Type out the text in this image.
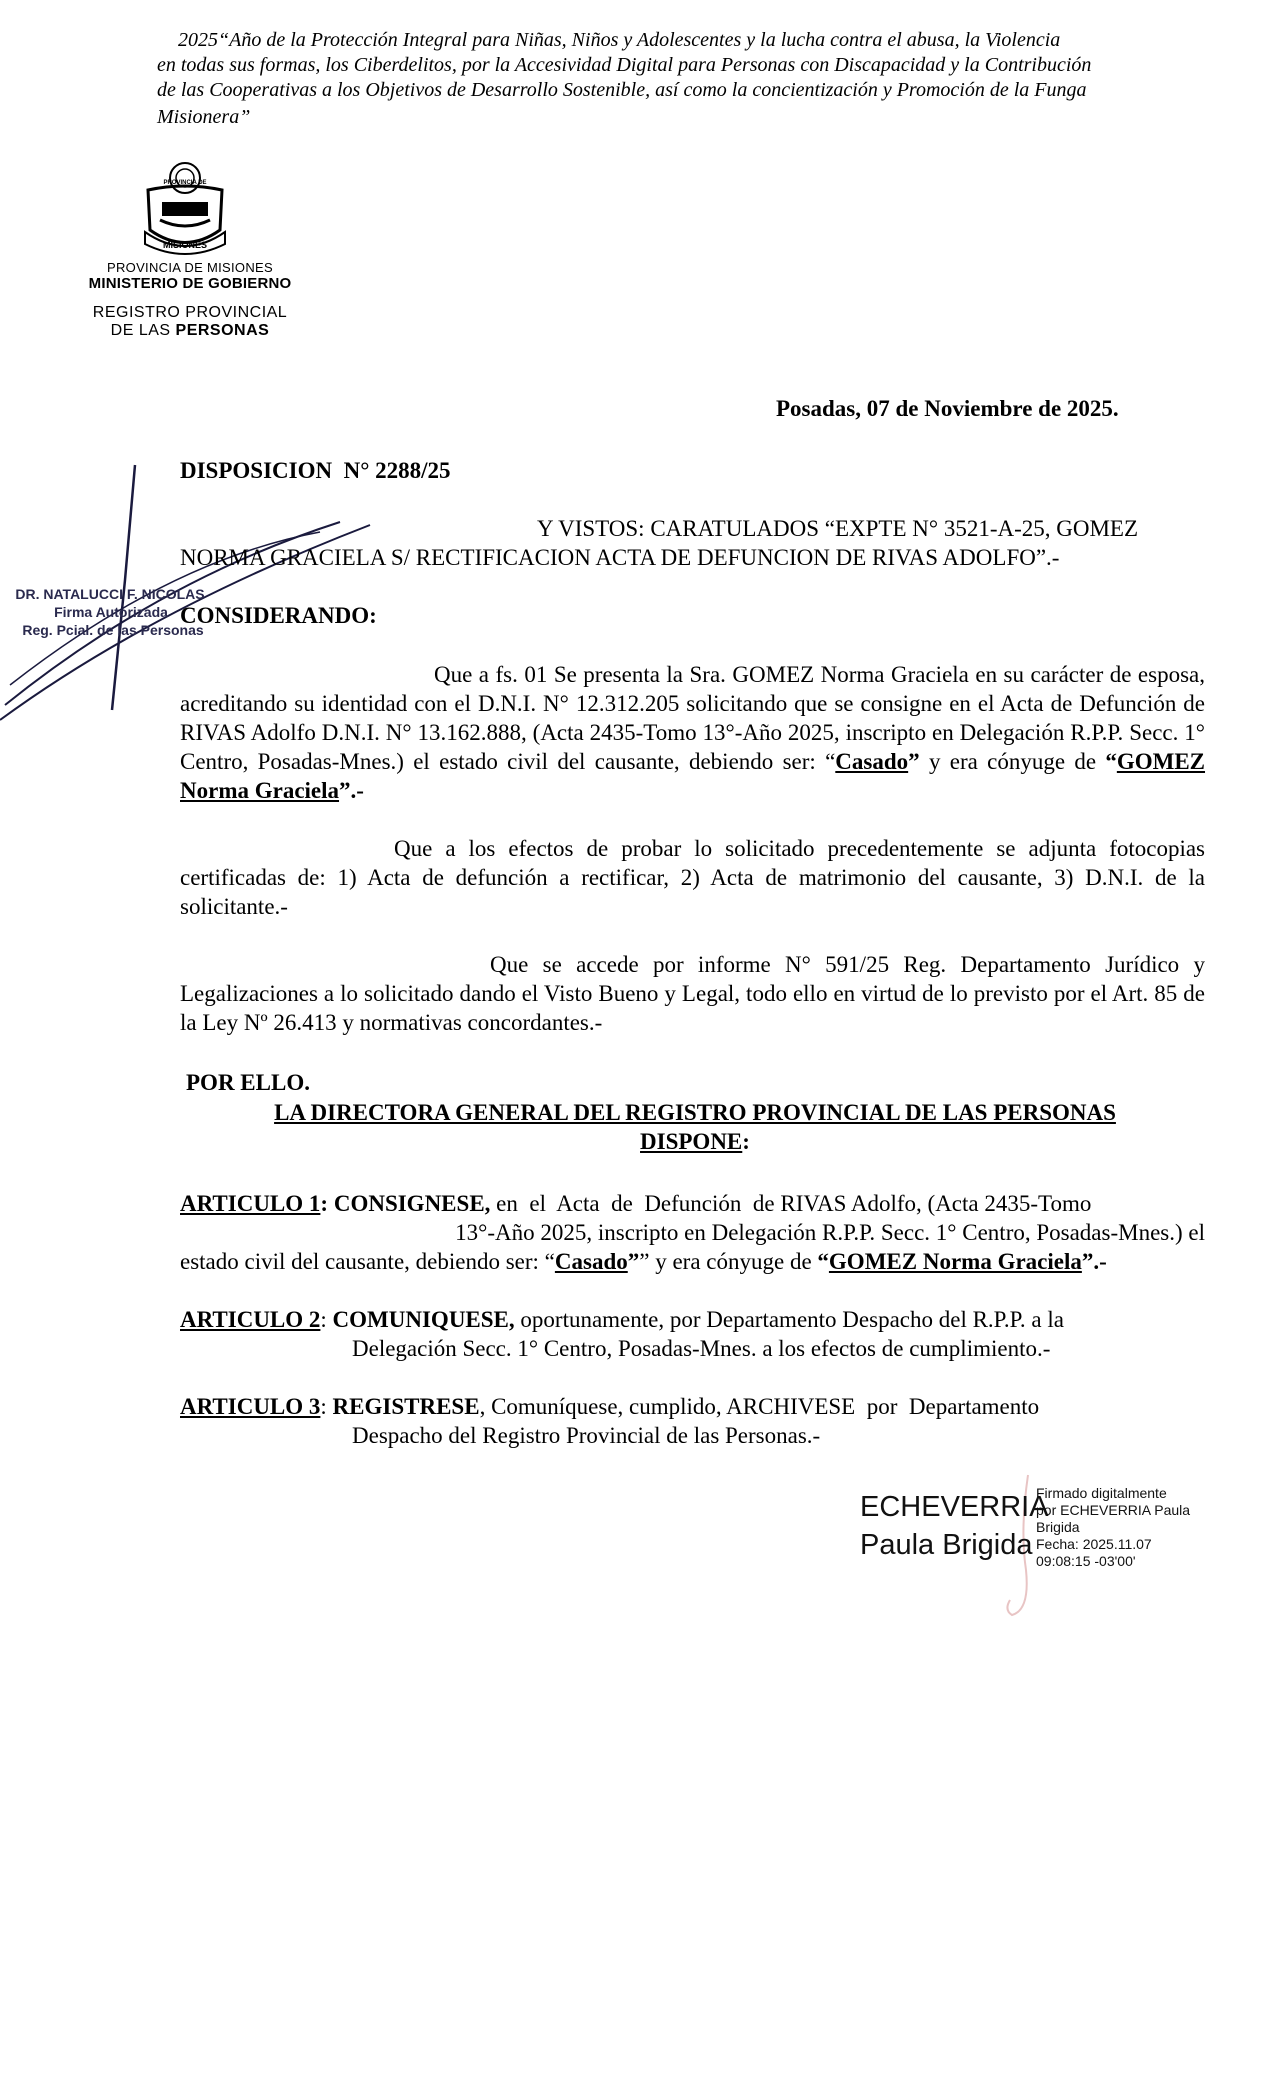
2025“Año de la Protección Integral para Niñas, Niños y Adolescentes y la lucha contra el abusa, la Violencia
en todas sus formas, los Ciberdelitos, por la Accesividad Digital para Personas con Discapacidad y la Contribución
de las Cooperativas a los Objetivos de Desarrollo Sostenible, así como la concientización y Promoción de la Funga
Misionera”
PROVINCIA DE
MISIONES
PROVINCIA DE MISIONES
MINISTERIO DE GOBIERNO
REGISTRO PROVINCIAL
DE LAS PERSONAS
Posadas, 07 de Noviembre de 2025.
DISPOSICION  N° 2288/25
DR. NATALUCCI F. NICOLAS
Firma Autorizada
Reg. Pcial. de las Personas
Y VISTOS: CARATULADOS “EXPTE N° 3521-A-25, GOMEZ
NORMA GRACIELA S/ RECTIFICACION ACTA DE DEFUNCION DE RIVAS ADOLFO”.-
CONSIDERANDO:
Que a fs. 01 Se presenta la Sra. GOMEZ Norma Graciela en su carácter de esposa, acreditando su identidad con el D.N.I. N° 12.312.205 solicitando que se consigne en el Acta de Defunción de RIVAS Adolfo D.N.I. N° 13.162.888, (Acta 2435-Tomo 13°-Año 2025, inscripto en Delegación R.P.P. Secc. 1° Centro, Posadas-Mnes.) el estado civil del causante, debiendo ser: “Casado” y era cónyuge de “GOMEZ Norma Graciela”.-
Que a los efectos de probar lo solicitado precedentemente se adjunta fotocopias certificadas de: 1) Acta de defunción a rectificar, 2) Acta de matrimonio del causante, 3) D.N.I. de la solicitante.-
Que se accede por informe N° 591/25 Reg. Departamento Jurídico y Legalizaciones a lo solicitado dando el Visto Bueno y Legal, todo ello en virtud de lo previsto por el Art. 85 de la Ley Nº 26.413 y normativas concordantes.-
POR ELLO.
LA DIRECTORA GENERAL DEL REGISTRO PROVINCIAL DE LAS PERSONAS
DISPONE:
ARTICULO 1: CONSIGNESE, en  el  Acta  de  Defunción  de RIVAS Adolfo, (Acta 2435-Tomo
13°-Año 2025, inscripto en Delegación R.P.P. Secc. 1° Centro, Posadas-Mnes.) el
estado civil del causante, debiendo ser: “Casado”” y era cónyuge de “GOMEZ Norma Graciela”.-
ARTICULO 2: COMUNIQUESE, oportunamente, por Departamento Despacho del R.P.P. a la
Delegación Secc. 1° Centro, Posadas-Mnes. a los efectos de cumplimiento.-
ARTICULO 3: REGISTRESE, Comuníquese, cumplido, ARCHIVESE  por  Departamento
Despacho del Registro Provincial de las Personas.-
ECHEVERRIA
Paula Brigida
Firmado digitalmente
por ECHEVERRIA Paula
Brigida
Fecha: 2025.11.07
09:08:15 -03'00'
